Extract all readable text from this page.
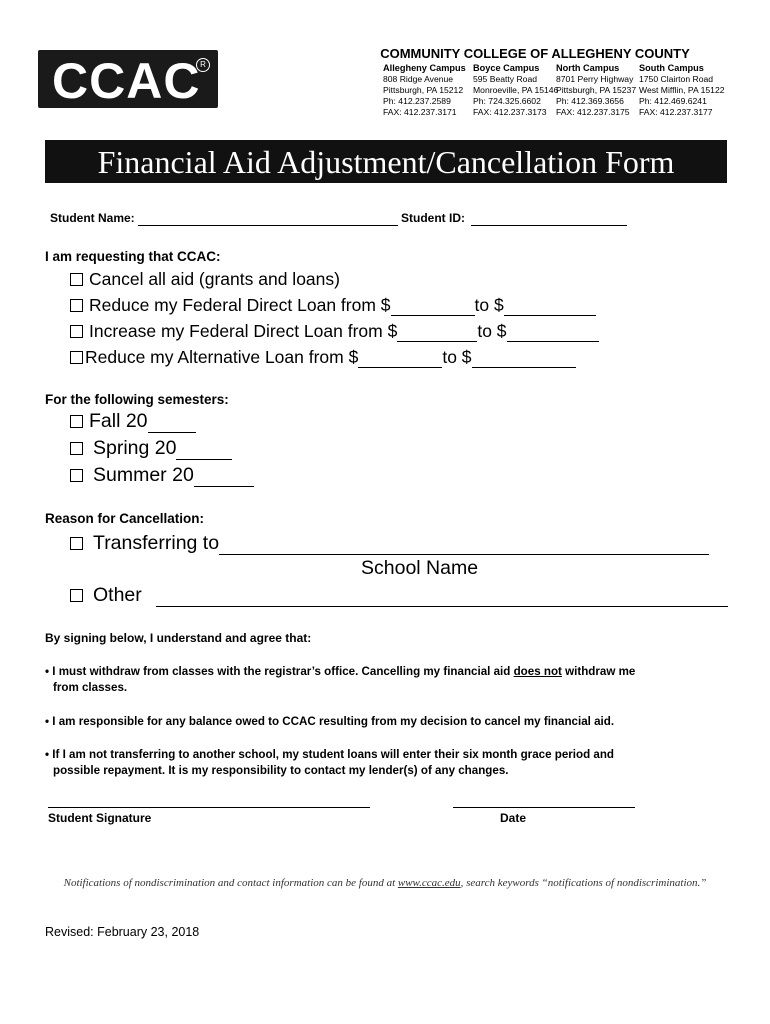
CCAC R
COMMUNITY COLLEGE OF ALLEGHENY COUNTY
Allegheny Campus
808 Ridge Avenue
Pittsburgh, PA 15212
Ph: 412.237.2589
FAX: 412.237.3171
Boyce Campus
595 Beatty Road
Monroeville, PA 15146
Ph: 724.325.6602
FAX: 412.237.3173
North Campus
8701 Perry Highway
Pittsburgh, PA 15237
Ph: 412.369.3656
FAX: 412.237.3175
South Campus
1750 Clairton Road
West Mifflin, PA 15122
Ph: 412.469.6241
FAX: 412.237.3177
Financial Aid Adjustment/Cancellation Form
Student Name:	Student ID:
I am requesting that CCAC:
Cancel all aid (grants and loans)
Reduce my Federal Direct Loan from $	to $
Increase my Federal Direct Loan from $	to $
Reduce my Alternative Loan from $	to $
For the following semesters:
Fall 20
Spring 20
Summer 20
Reason for Cancellation:
Transferring to
School Name
Other
By signing below, I understand and agree that:
• I must withdraw from classes with the registrar’s office. Cancelling my financial aid does not withdraw me
from classes.
• I am responsible for any balance owed to CCAC resulting from my decision to cancel my financial aid.
• If I am not transferring to another school, my student loans will enter their six month grace period and
possible repayment. It is my responsibility to contact my lender(s) of any changes.
Student Signature	Date
Notifications of nondiscrimination and contact information can be found at www.ccac.edu, search keywords “notifications of nondiscrimination.”
Revised: February 23, 2018
